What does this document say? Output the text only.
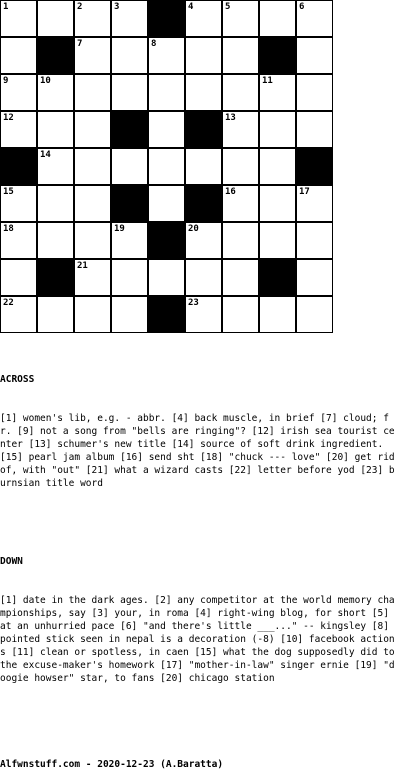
1	2	3	4	5	6
7	8
9	10	11
12	13
14
15	16	17
18	19	20
21
22	23

ACROSS

[1] women's lib, e.g. - abbr. [4] back muscle, in brief [7] cloud; fr. [9] not a song from "bells are ringing"? [12] irish sea tourist center [13] schumer's new title [14] source of soft drink ingredient. [15] pearl jam album [16] send sht [18] "chuck --- love" [20] get rid of, with "out" [21] what a wizard casts [22] letter before yod [23] burnsian title word

DOWN

[1] date in the dark ages. [2] any competitor at the world memory championships, say [3] your, in roma [4] right-wing blog, for short [5] at an unhurried pace [6] "and there's little ___..." -- kingsley [8] pointed stick seen in nepal is a decoration (-8) [10] facebook actions [11] clean or spotless, in caen [15] what the dog supposedly did to the excuse-maker's homework [17] "mother-in-law" singer ernie [19] "doogie howser" star, to fans [20] chicago station

Alfwnstuff.com - 2020-12-23 (A.Baratta)
